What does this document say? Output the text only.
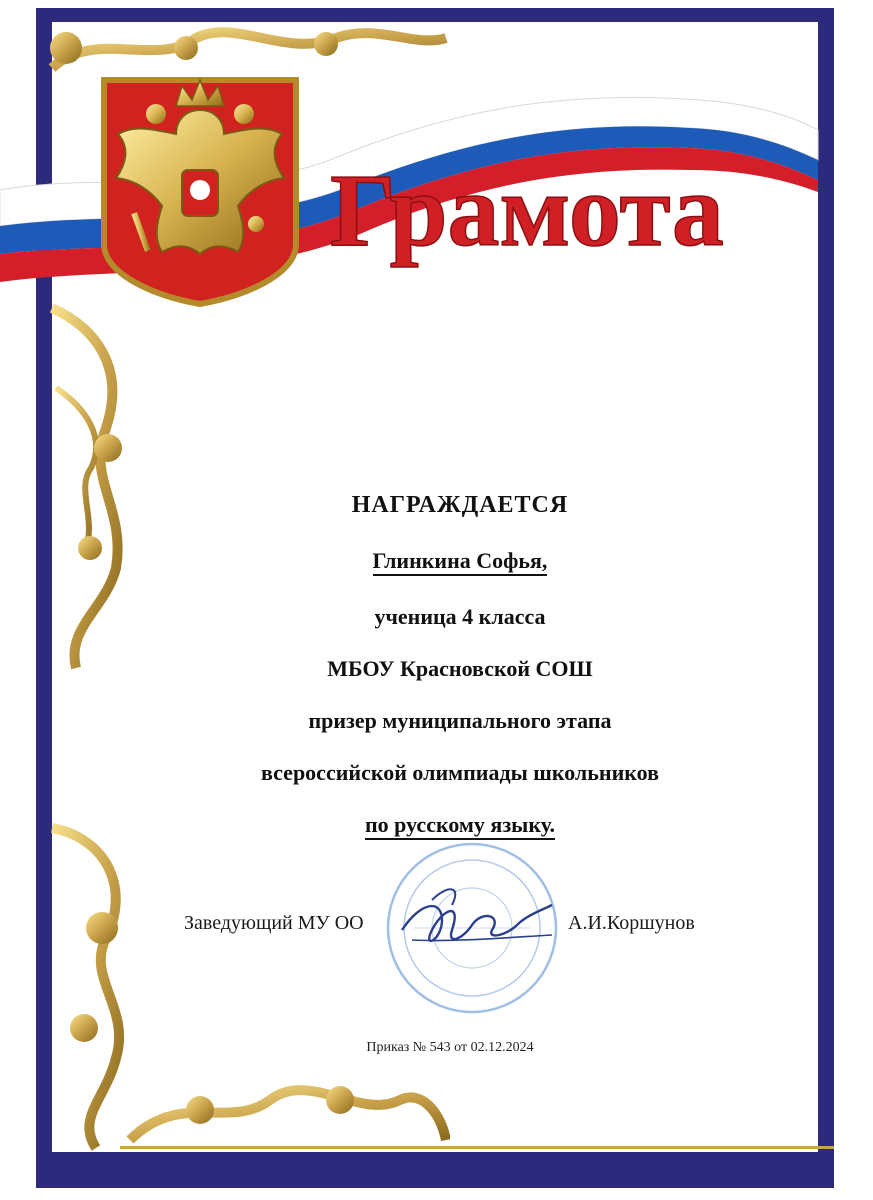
Грамота
НАГРАЖДАЕТСЯ
Глинкина Софья,
ученица 4 класса
МБОУ Красновской СОШ
призер муниципального этапа
всероссийской олимпиады школьников
по русскому языку.
Заведующий МУ ОО	А.И.Коршунов
Приказ № 543 от 02.12.2024
